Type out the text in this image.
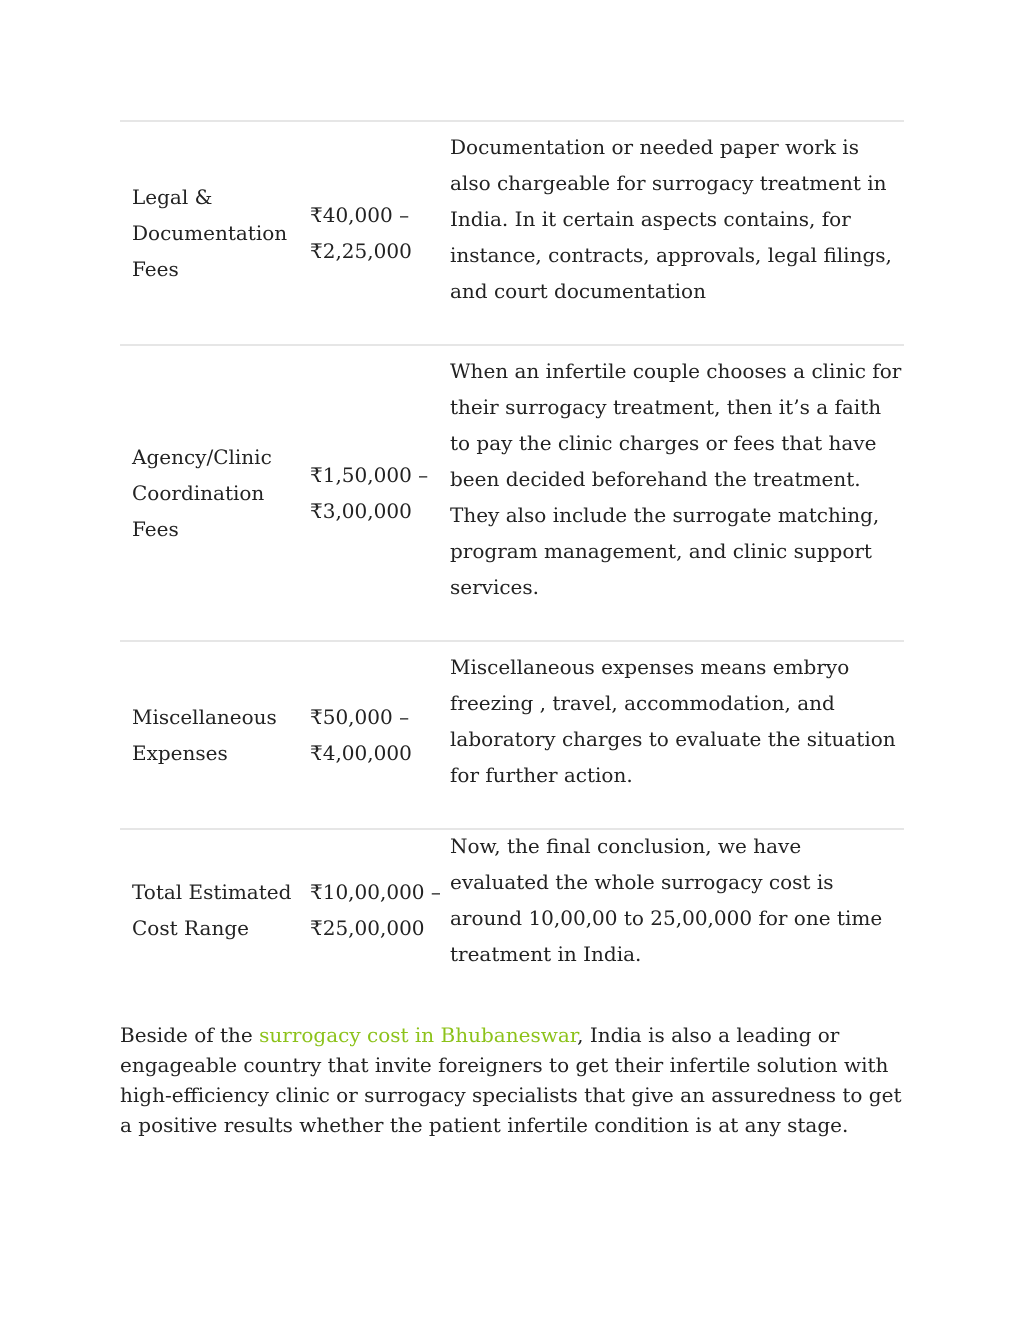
Legal & Documentation Fees	₹40,000 – ₹2,25,000	Documentation or needed paper work is also chargeable for surrogacy treatment in India. In it certain aspects contains, for instance, contracts, approvals, legal filings, and court documentation

Agency/Clinic Coordination Fees	₹1,50,000 – ₹3,00,000	When an infertile couple chooses a clinic for their surrogacy treatment, then it’s a faith to pay the clinic charges or fees that have been decided beforehand the treatment. They also include the surrogate matching, program management, and clinic support services.

Miscellaneous Expenses	₹50,000 – ₹4,00,000	Miscellaneous expenses means embryo freezing , travel, accommodation, and laboratory charges to evaluate the situation for further action.

Total Estimated Cost Range	₹10,00,000 – ₹25,00,000	Now, the final conclusion, we have evaluated the whole surrogacy cost is around 10,00,00 to 25,00,000 for one time treatment in India.

Beside of the surrogacy cost in Bhubaneswar, India is also a leading or engageable country that invite foreigners to get their infertile solution with high-efficiency clinic or surrogacy specialists that give an assuredness to get a positive results whether the patient infertile condition is at any stage.
